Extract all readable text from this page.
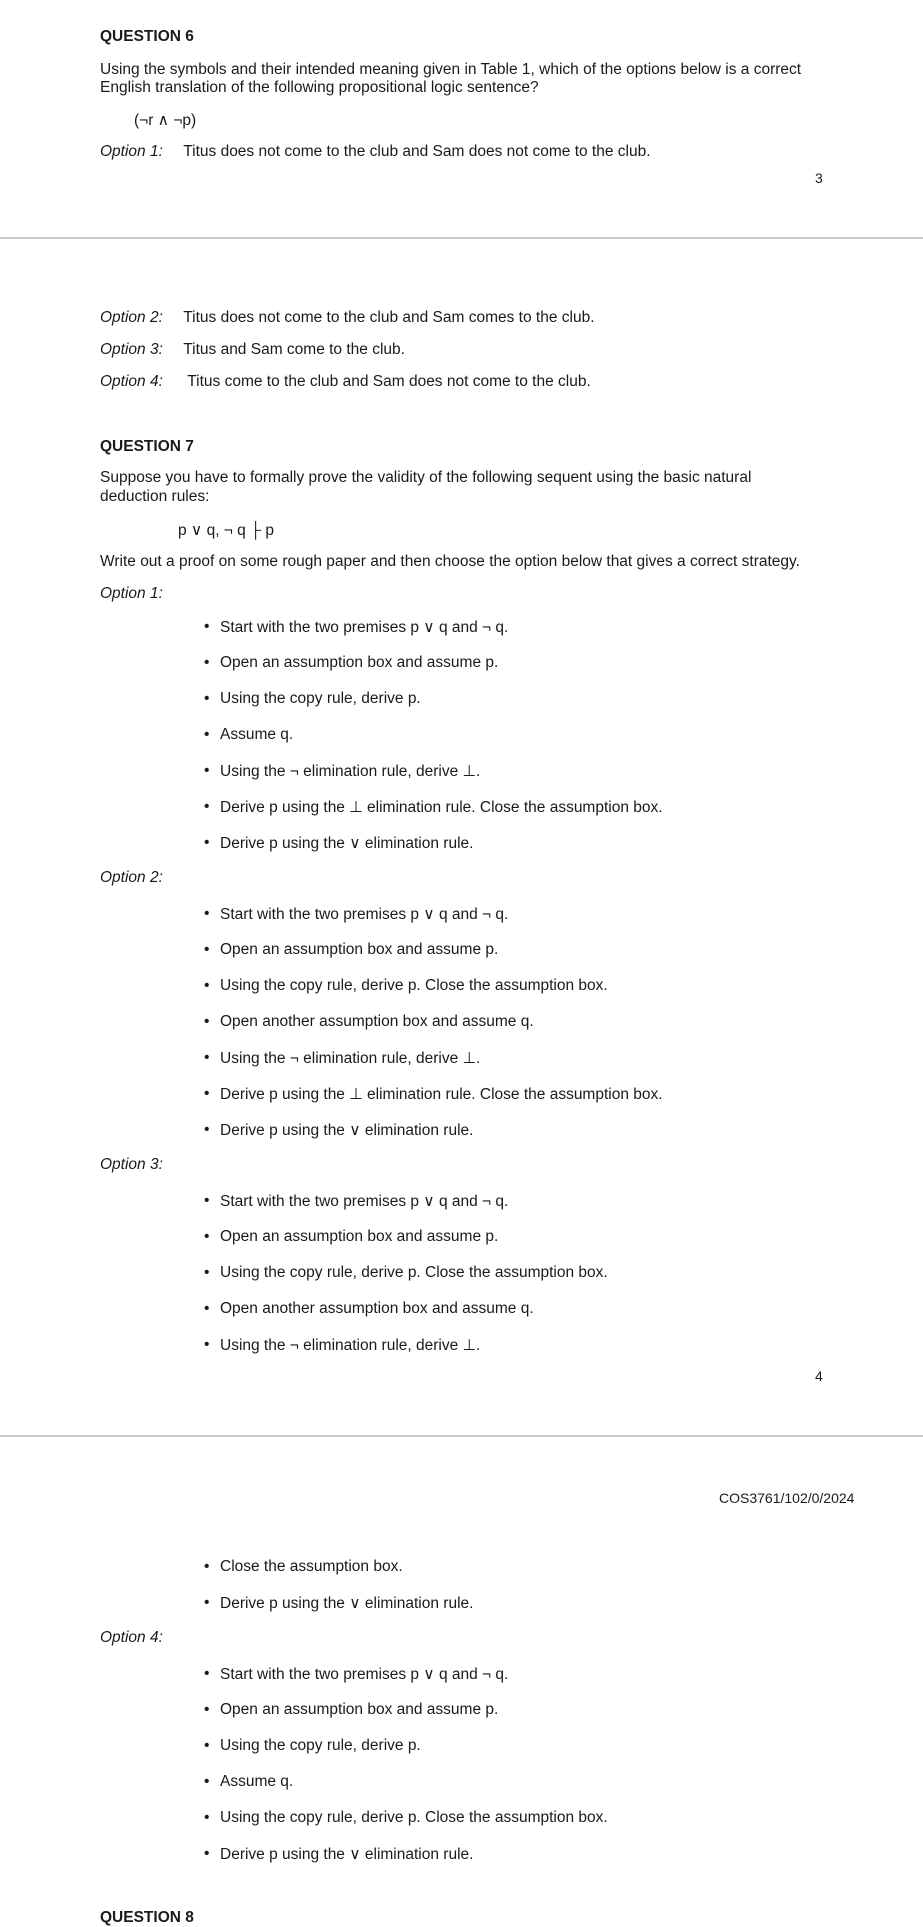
QUESTION 6
Using the symbols and their intended meaning given in Table 1, which of the options below is a correct
English translation of the following propositional logic sentence?
(¬r ∧ ¬p)
Option 1: Titus does not come to the club and Sam does not come to the club.
3
Option 2: Titus does not come to the club and Sam comes to the club.
Option 3: Titus and Sam come to the club.
Option 4: Titus come to the club and Sam does not come to the club.
QUESTION 7
Suppose you have to formally prove the validity of the following sequent using the basic natural
deduction rules:
p ∨ q, ¬ q ├ p
Write out a proof on some rough paper and then choose the option below that gives a correct strategy.
Option 1:
• Start with the two premises p ∨ q and ¬ q.
• Open an assumption box and assume p.
• Using the copy rule, derive p.
• Assume q.
• Using the ¬ elimination rule, derive ⊥.
• Derive p using the ⊥ elimination rule. Close the assumption box.
• Derive p using the ∨ elimination rule.
Option 2:
• Start with the two premises p ∨ q and ¬ q.
• Open an assumption box and assume p.
• Using the copy rule, derive p. Close the assumption box.
• Open another assumption box and assume q.
• Using the ¬ elimination rule, derive ⊥.
• Derive p using the ⊥ elimination rule. Close the assumption box.
• Derive p using the ∨ elimination rule.
Option 3:
• Start with the two premises p ∨ q and ¬ q.
• Open an assumption box and assume p.
• Using the copy rule, derive p. Close the assumption box.
• Open another assumption box and assume q.
• Using the ¬ elimination rule, derive ⊥.
4
COS3761/102/0/2024
• Close the assumption box.
• Derive p using the ∨ elimination rule.
Option 4:
• Start with the two premises p ∨ q and ¬ q.
• Open an assumption box and assume p.
• Using the copy rule, derive p.
• Assume q.
• Using the copy rule, derive p. Close the assumption box.
• Derive p using the ∨ elimination rule.
QUESTION 8
